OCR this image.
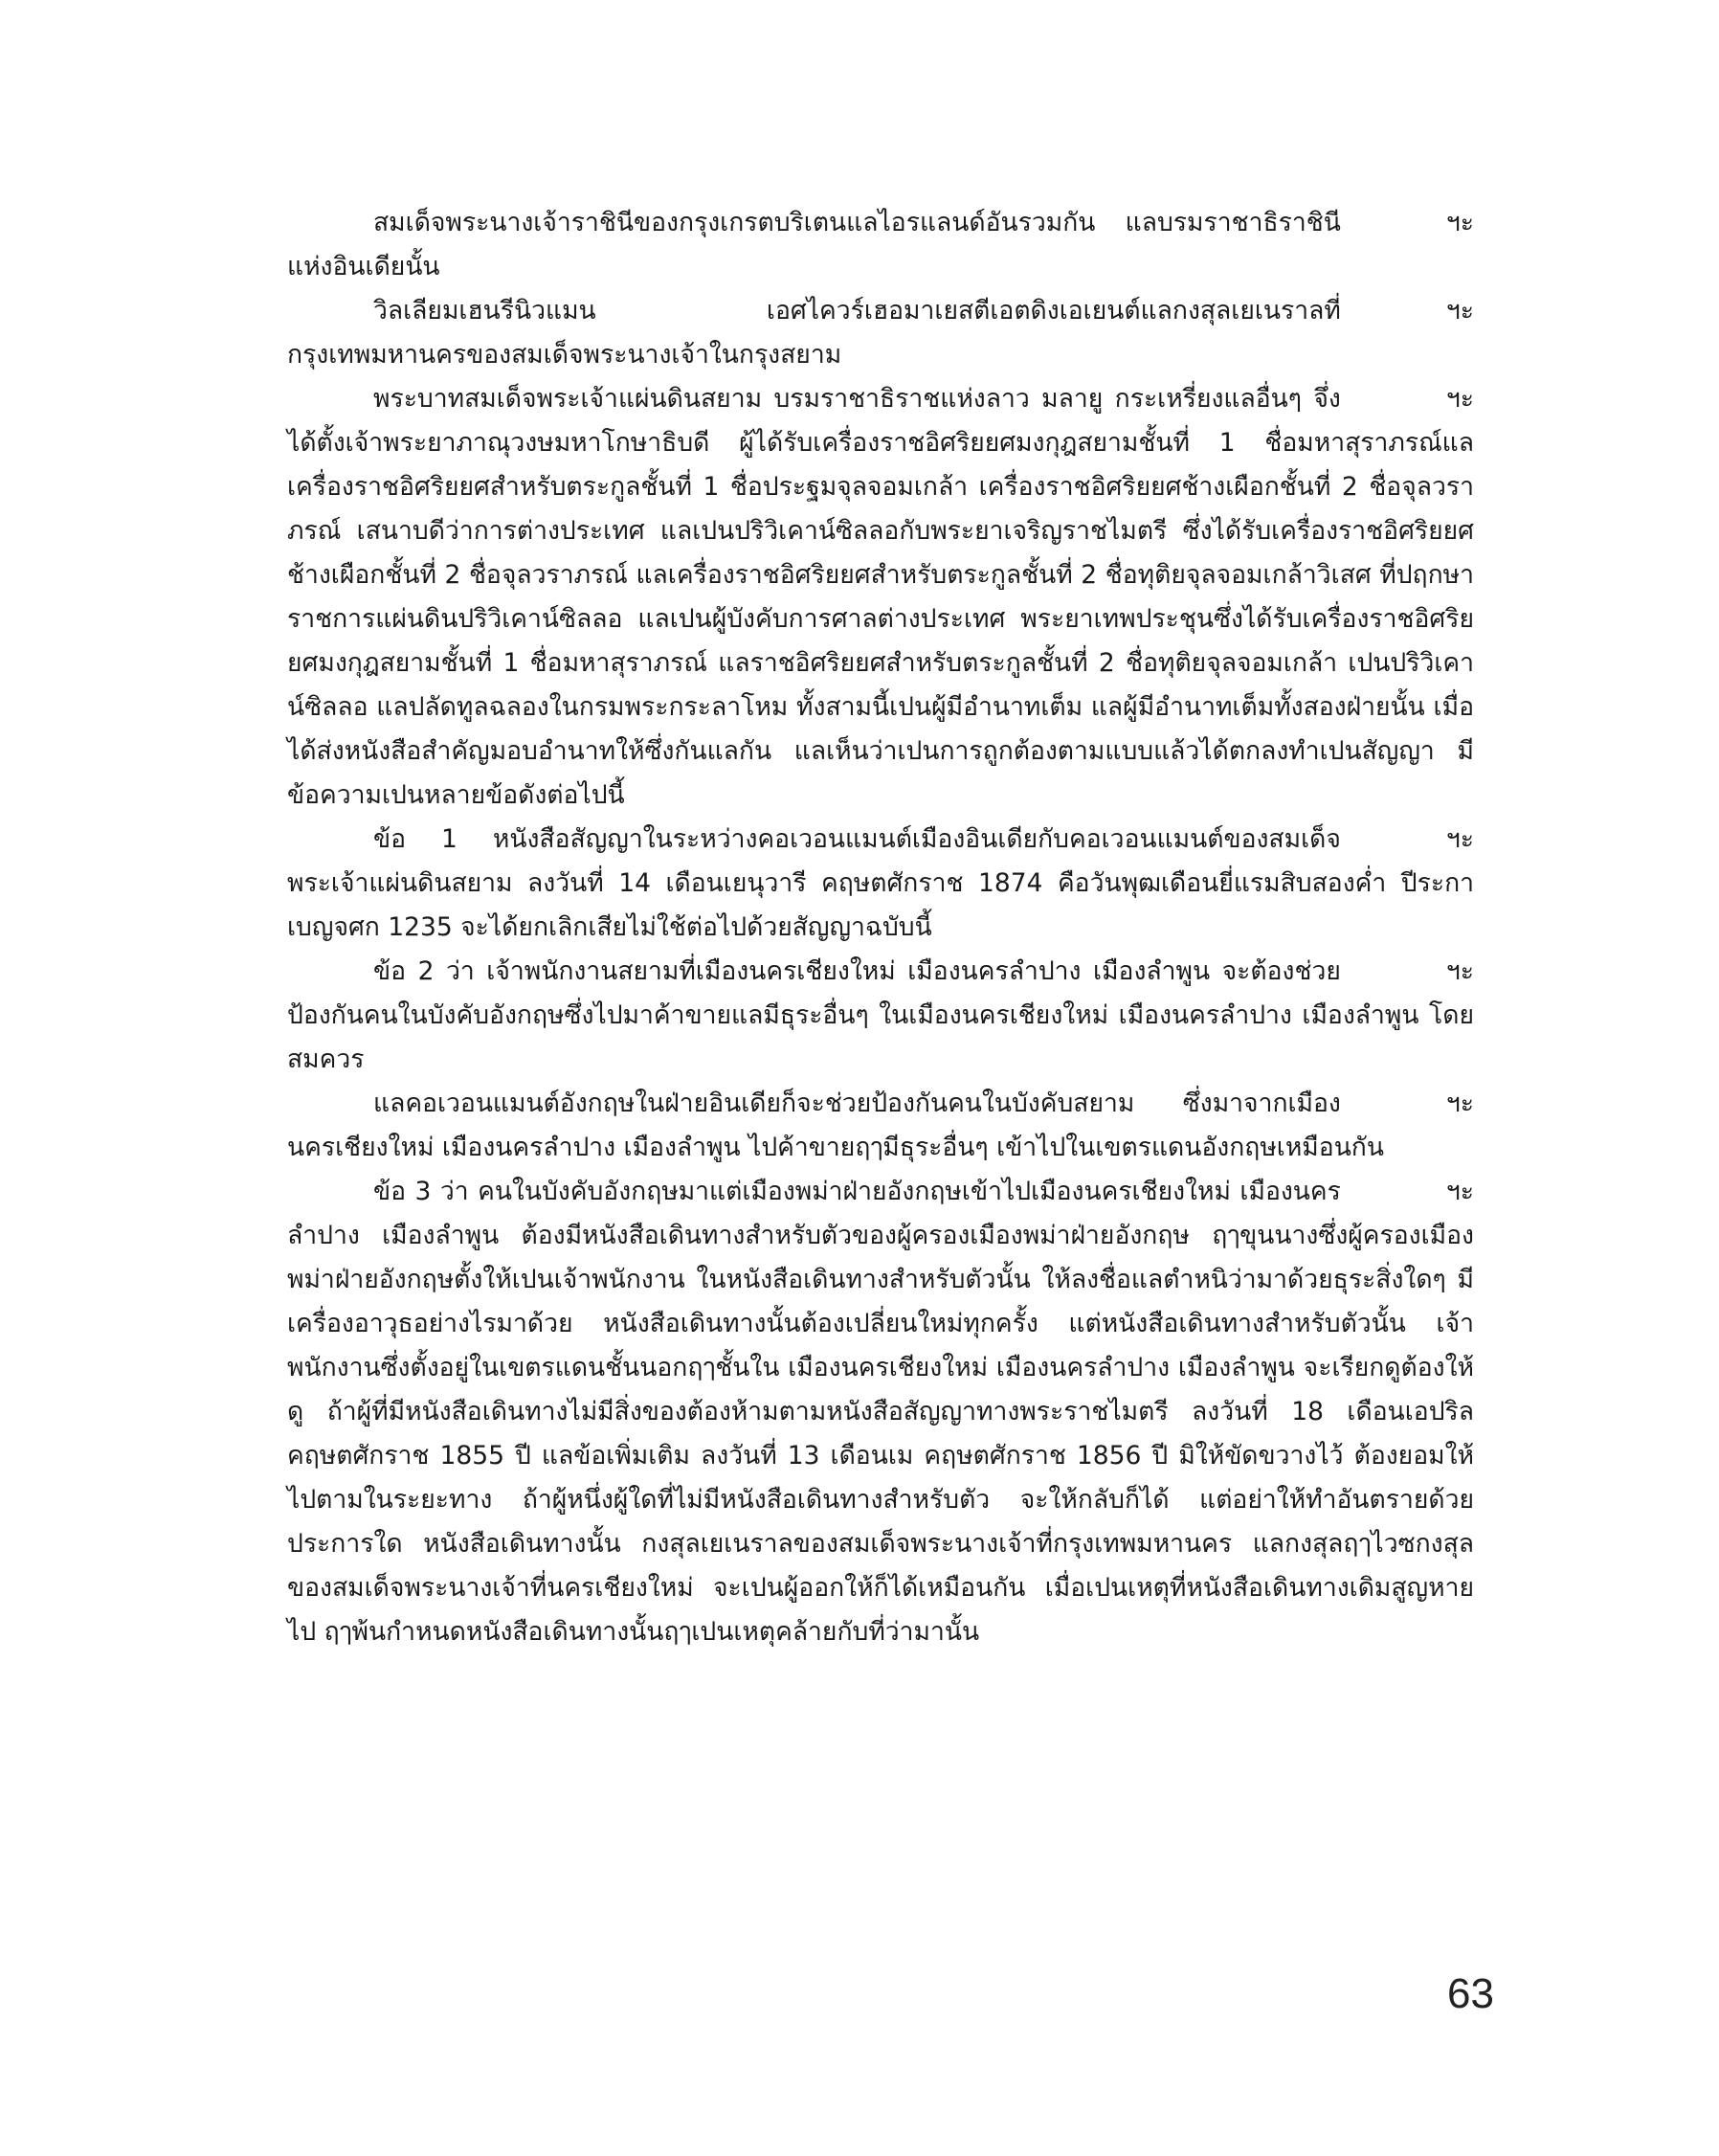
ฯะ
สมเด็จพระนางเจ้าราชินีของกรุงเกรตบริเตนแลไอรแลนด์อันรวมกัน แลบรมราชาธิราชินีแห่งอินเดียนั้น

ฯะ
วิลเลียมเฮนรีนิวแมน เอศไควร์เฮอมาเยสตีเอตดิงเอเยนต์แลกงสุลเยเนราลที่กรุงเทพมหานครของสมเด็จพระนางเจ้าในกรุงสยาม

ฯะ
พระบาทสมเด็จพระเจ้าแผ่นดินสยาม บรมราชาธิราชแห่งลาว มลายู กระเหรี่ยงแลอื่นๆ จึ่งได้ตั้งเจ้าพระยาภาณุวงษมหาโกษาธิบดี ผู้ได้รับเครื่องราชอิศริยยศมงกุฎสยามชั้นที่ 1 ชื่อมหาสุราภรณ์แลเครื่องราชอิศริยยศสำหรับตระกูลชั้นที่ 1 ชื่อประฐมจุลจอมเกล้า เครื่องราชอิศริยยศช้างเผือกชั้นที่ 2 ชื่อจุลวราภรณ์ เสนาบดีว่าการต่างประเทศ แลเปนปริวิเคาน์ซิลลอกับพระยาเจริญราชไมตรี ซึ่งได้รับเครื่องราชอิศริยยศช้างเผือกชั้นที่ 2 ชื่อจุลวราภรณ์ แลเครื่องราชอิศริยยศสำหรับตระกูลชั้นที่ 2 ชื่อทุติยจุลจอมเกล้าวิเสศ ที่ปฤกษาราชการแผ่นดินปริวิเคาน์ซิลลอ แลเปนผู้บังคับการศาลต่างประเทศ พระยาเทพประชุนซึ่งได้รับเครื่องราชอิศริยยศมงกุฎสยามชั้นที่ 1 ชื่อมหาสุราภรณ์ แลราชอิศริยยศสำหรับตระกูลชั้นที่ 2 ชื่อทุติยจุลจอมเกล้า เปนปริวิเคาน์ซิลลอ แลปลัดทูลฉลองในกรมพระกระลาโหม ทั้งสามนี้เปนผู้มีอำนาทเต็ม แลผู้มีอำนาทเต็มทั้งสองฝ่ายนั้น เมื่อได้ส่งหนังสือสำคัญมอบอำนาทให้ซึ่งกันแลกัน แลเห็นว่าเปนการถูกต้องตามแบบแล้วได้ตกลงทำเปนสัญญา มีข้อความเปนหลายข้อดังต่อไปนี้

ฯะ
ข้อ 1 หนังสือสัญญาในระหว่างคอเวอนแมนต์เมืองอินเดียกับคอเวอนแมนต์ของสมเด็จพระเจ้าแผ่นดินสยาม ลงวันที่ 14 เดือนเยนุวารี คฤษตศักราช 1874 คือวันพุฒเดือนยี่แรมสิบสองค่ำ ปีระกา เบญจศก 1235 จะได้ยกเลิกเสียไม่ใช้ต่อไปด้วยสัญญาฉบับนี้

ฯะ
ข้อ 2 ว่า เจ้าพนักงานสยามที่เมืองนครเชียงใหม่ เมืองนครลำปาง เมืองลำพูน จะต้องช่วยป้องกันคนในบังคับอังกฤษซึ่งไปมาค้าขายแลมีธุระอื่นๆ ในเมืองนครเชียงใหม่ เมืองนครลำปาง เมืองลำพูน โดยสมควร

ฯะ
แลคอเวอนแมนต์อังกฤษในฝ่ายอินเดียก็จะช่วยป้องกันคนในบังคับสยาม ซึ่งมาจากเมืองนครเชียงใหม่ เมืองนครลำปาง เมืองลำพูน ไปค้าขายฤๅมีธุระอื่นๆ เข้าไปในเขตรแดนอังกฤษเหมือนกัน

ฯะ
ข้อ 3 ว่า คนในบังคับอังกฤษมาแต่เมืองพม่าฝ่ายอังกฤษเข้าไปเมืองนครเชียงใหม่ เมืองนครลำปาง เมืองลำพูน ต้องมีหนังสือเดินทางสำหรับตัวของผู้ครองเมืองพม่าฝ่ายอังกฤษ ฤๅขุนนางซึ่งผู้ครองเมืองพม่าฝ่ายอังกฤษตั้งให้เปนเจ้าพนักงาน ในหนังสือเดินทางสำหรับตัวนั้น ให้ลงชื่อแลตำหนิว่ามาด้วยธุระสิ่งใดๆ มีเครื่องอาวุธอย่างไรมาด้วย หนังสือเดินทางนั้นต้องเปลี่ยนใหม่ทุกครั้ง แต่หนังสือเดินทางสำหรับตัวนั้น เจ้าพนักงานซึ่งตั้งอยู่ในเขตรแดนชั้นนอกฤๅชั้นใน เมืองนครเชียงใหม่ เมืองนครลำปาง เมืองลำพูน จะเรียกดูต้องให้ดู ถ้าผู้ที่มีหนังสือเดินทางไม่มีสิ่งของต้องห้ามตามหนังสือสัญญาทางพระราชไมตรี ลงวันที่ 18 เดือนเอปริล คฤษตศักราช 1855 ปี แลข้อเพิ่มเติม ลงวันที่ 13 เดือนเม คฤษตศักราช 1856 ปี มิให้ขัดขวางไว้ ต้องยอมให้ไปตามในระยะทาง ถ้าผู้หนึ่งผู้ใดที่ไม่มีหนังสือเดินทางสำหรับตัว จะให้กลับก็ได้ แต่อย่าให้ทำอันตรายด้วยประการใด หนังสือเดินทางนั้น กงสุลเยเนราลของสมเด็จพระนางเจ้าที่กรุงเทพมหานคร แลกงสุลฤๅไวซกงสุลของสมเด็จพระนางเจ้าที่นครเชียงใหม่ จะเปนผู้ออกให้ก็ได้เหมือนกัน เมื่อเปนเหตุที่หนังสือเดินทางเดิมสูญหายไป ฤๅพ้นกำหนดหนังสือเดินทางนั้นฤๅเปนเหตุคล้ายกับที่ว่ามานั้น

63
